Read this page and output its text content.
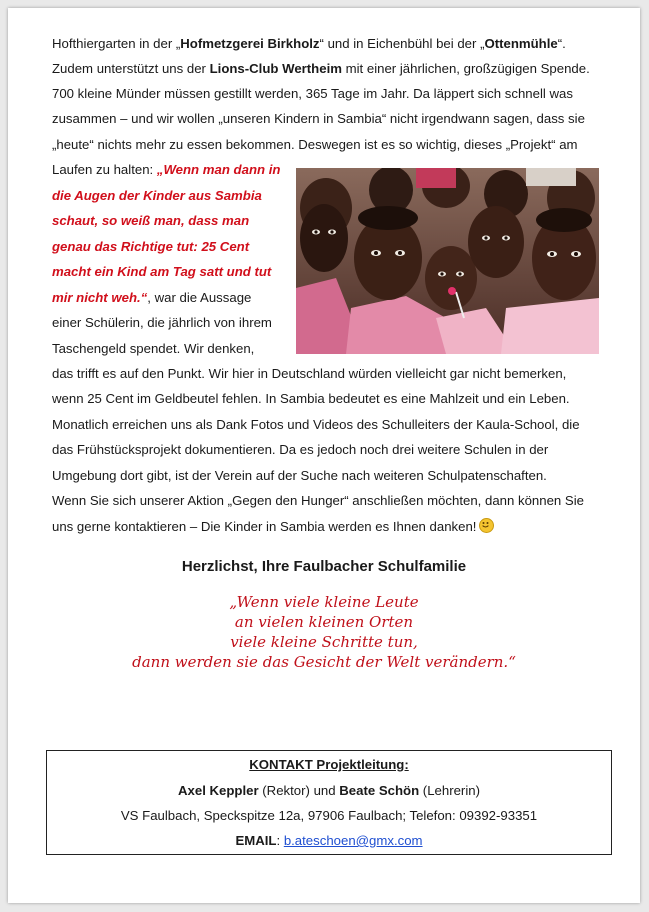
Hofthiergarten in der „Hofmetzgerei Birkholz“ und in Eichenbühl bei der „Ottenmühle“.
Zudem unterstützt uns der Lions-Club Wertheim mit einer jährlichen, großzügigen Spende.
700 kleine Münder müssen gestillt werden, 365 Tage im Jahr. Da läppert sich schnell was
zusammen – und wir wollen „unseren Kindern in Sambia“ nicht irgendwann sagen, dass sie
„heute“ nichts mehr zu essen bekommen. Deswegen ist es so wichtig, dieses „Projekt“ am
Laufen zu halten: „Wenn man dann in
die Augen der Kinder aus Sambia
schaut, so weiß man, dass man
genau das Richtige tut: 25 Cent
macht ein Kind am Tag satt und tut
mir nicht weh.“, war die Aussage
einer Schülerin, die jährlich von ihrem
Taschengeld spendet. Wir denken,
das trifft es auf den Punkt. Wir hier in Deutschland würden vielleicht gar nicht bemerken,
wenn 25 Cent im Geldbeutel fehlen. In Sambia bedeutet es eine Mahlzeit und ein Leben.
Monatlich erreichen uns als Dank Fotos und Videos des Schulleiters der Kaula-School, die
das Frühstücksprojekt dokumentieren. Da es jedoch noch drei weitere Schulen in der
Umgebung dort gibt, ist der Verein auf der Suche nach weiteren Schulpatenschaften.
Wenn Sie sich unserer Aktion „Gegen den Hunger“ anschließen möchten, dann können Sie
uns gerne kontaktieren – Die Kinder in Sambia werden es Ihnen danken!
Herzlichst, Ihre Faulbacher Schulfamilie
„Wenn viele kleine Leute
an vielen kleinen Orten
viele kleine Schritte tun,
dann werden sie das Gesicht der Welt verändern.“
KONTAKT Projektleitung:
Axel Keppler (Rektor) und Beate Schön (Lehrerin)
VS Faulbach, Speckspitze 12a, 97906 Faulbach; Telefon: 09392-93351
EMAIL: b.ateschoen@gmx.com
